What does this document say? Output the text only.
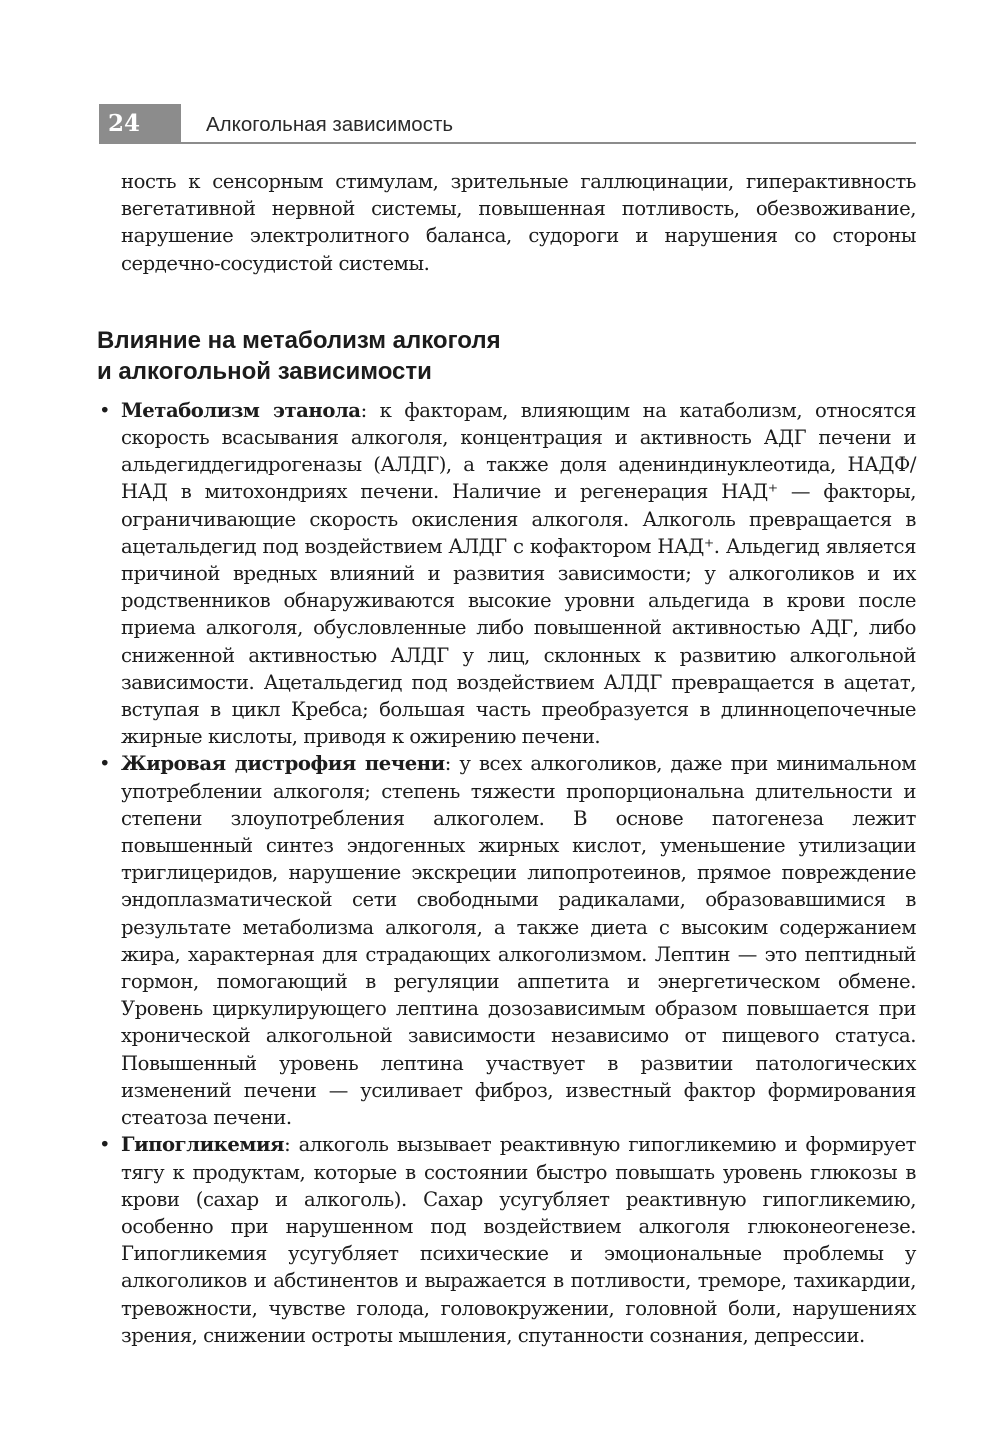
24	Алкогольная зависимость

ность к сенсорным стимулам, зрительные галлюцинации, гиперактивность вегетативной нервной системы, повышенная потливость, обезвоживание, нарушение электролитного баланса, судороги и нарушения со стороны сердечно-сосудистой системы.

Влияние на метаболизм алкоголя
и алкогольной зависимости
• Метаболизм этанола: к факторам, влияющим на катаболизм, относятся скорость всасывания алкоголя, концентрация и активность АДГ печени и альдегиддегидрогеназы (АЛДГ), а также доля адениндинуклеотида, НАДФ/НАД в митохондриях печени. Наличие и регенерация НАД⁺ — факторы, ограничивающие скорость окисления алкоголя. Алкоголь превращается в ацетальдегид под воздействием АЛДГ с кофактором НАД⁺. Альдегид является причиной вредных влияний и развития зависимости; у алкоголиков и их родственников обнаруживаются высокие уровни альдегида в крови после приема алкоголя, обусловленные либо повышенной активностью АДГ, либо сниженной активностью АЛДГ у лиц, склонных к развитию алкогольной зависимости. Ацетальдегид под воздействием АЛДГ превращается в ацетат, вступая в цикл Кребса; большая часть преобразуется в длинноцепочечные жирные кислоты, приводя к ожирению печени.
• Жировая дистрофия печени: у всех алкоголиков, даже при минимальном употреблении алкоголя; степень тяжести пропорциональна длительности и степени злоупотребления алкоголем. В основе патогенеза лежит повышенный синтез эндогенных жирных кислот, уменьшение утилизации триглицеридов, нарушение экскреции липопротеинов, прямое повреждение эндоплазматической сети свободными радикалами, образовавшимися в результате метаболизма алкоголя, а также диета с высоким содержанием жира, характерная для страдающих алкоголизмом. Лептин — это пептидный гормон, помогающий в регуляции аппетита и энергетическом обмене. Уровень циркулирующего лептина дозозависимым образом повышается при хронической алкогольной зависимости независимо от пищевого статуса. Повышенный уровень лептина участвует в развитии патологических изменений печени — усиливает фиброз, известный фактор формирования стеатоза печени.
• Гипогликемия: алкоголь вызывает реактивную гипогликемию и формирует тягу к продуктам, которые в состоянии быстро повышать уровень глюкозы в крови (сахар и алкоголь). Сахар усугубляет реактивную гипогликемию, особенно при нарушенном под воздействием алкоголя глюконеогенезе. Гипогликемия усугубляет психические и эмоциональные проблемы у алкоголиков и абстинентов и выражается в потливости, треморе, тахикардии, тревожности, чувстве голода, головокружении, головной боли, нарушениях зрения, снижении остроты мышления, спутанности сознания, депрессии.
